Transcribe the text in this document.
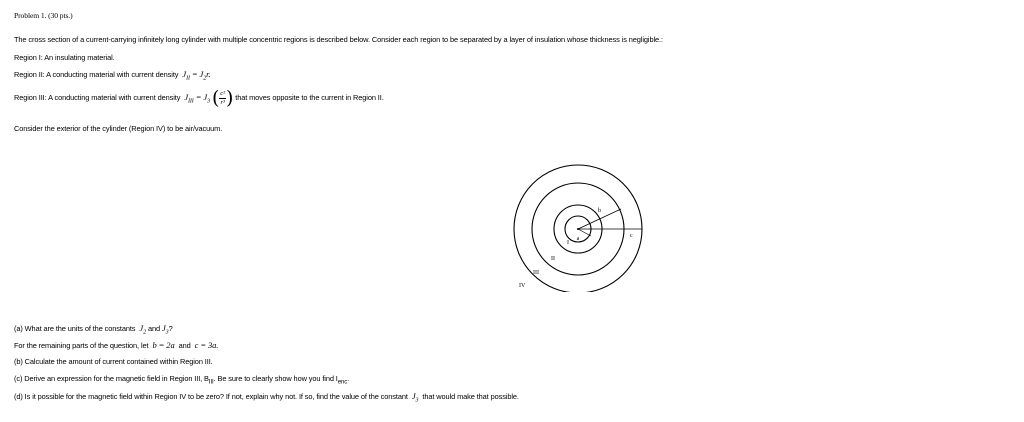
Problem 1. (30 pts.)
The cross section of a current-carrying infinitely long cylinder with multiple concentric regions is described below. Consider each region to be separated by a layer of insulation whose thickness is negligible.:
Region I: An insulating material.
Region II: A conducting material with current density $J_{II} = J_2r$.
Region III: A conducting material with current density $J_{III} = J_3$ ( $\frac{\text{c²}}{\text{r³}}$ ) that moves opposite to the current in Region II.
Consider the exterior of the cylinder (Region IV) to be air/vacuum.
a
b
c
I
II
III
IV
(a) What are the units of the constants $J_2$ and $J_3$?
For the remaining parts of the question, let b = 2a and c = 3a.
(b) Calculate the amount of current contained within Region III.
(c) Derive an expression for the magnetic field in Region III, $B_{III}$. Be sure to clearly show how you find $I_{enc}$.
(d) Is it possible for the magnetic field within Region IV to be zero? If not, explain why not. If so, find the value of the constant $J_3$ that would make that possible.
